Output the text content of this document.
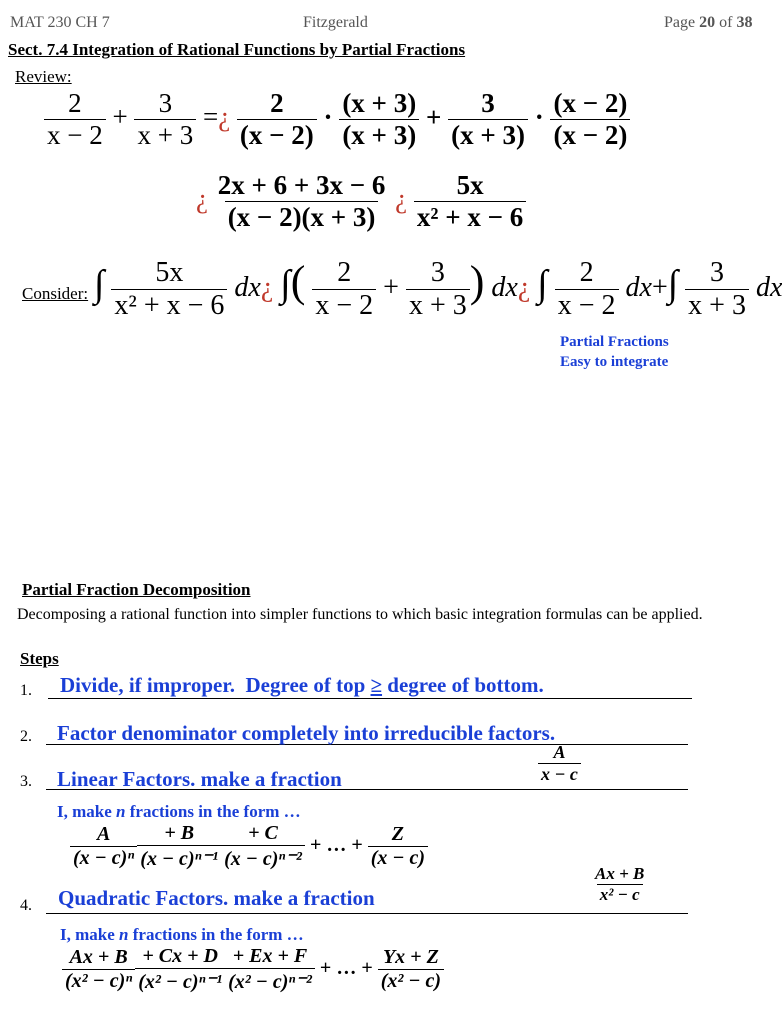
MAT 230 CH 7	Fitzgerald	Page 20 of 38
Sect. 7.4 Integration of Rational Functions by Partial Fractions
Review:
$\frac{2}{x - 2} + \frac{3}{x + 3}$ =¿ $\frac{2}{(x - 2)} \cdot \frac{(x + 3)}{(x + 3)} + \frac{3}{(x + 3)} \cdot \frac{(x - 2)}{(x - 2)}$
¿ $\frac{2x + 6 + 3x - 6}{(x - 2)(x + 3)}$ ¿ $\frac{5x}{\text{x² + x − 6}}$
Consider: ∫ $\frac{5x}{\text{x² + x − 6}}$ dx¿ ∫( $\frac{2}{x - 2} + \frac{3}{x + 3}$ ) dx¿ ∫ $\frac{2}{x - 2} dx+\int \frac{3}{x + 3}$ dx
Partial Fractions
Easy to integrate
Partial Fraction Decomposition
Decomposing a rational function into simpler functions to which basic integration formulas can be applied.
Steps
1. Divide, if improper. Degree of top ≥ degree of bottom.
2. Factor denominator completely into irreducible factors.
3. Linear Factors. make a fraction	$\frac{A}{x - c}$
I, make n fractions in the form …
$\frac{A}{\text{(x − c)ⁿ}} \frac{+ B}{\text{(x − c)ⁿ⁻¹}} \frac{+ C}{\text{(x − c)ⁿ⁻²}}$ + … + $\frac{Z}{(x - c)}$
4. Quadratic Factors. make a fraction	$\frac{Ax + B}{\text{x² − c}}$
I, make n fractions in the form …
$\frac{Ax + B}{\text{(x² − c)ⁿ}} \frac{+ Cx + D}{\text{(x² − c)ⁿ⁻¹}} \frac{+ Ex + F}{\text{(x² − c)ⁿ⁻²}}$ + … + $\frac{Yx + Z}{\text{(x² − c)}}$
